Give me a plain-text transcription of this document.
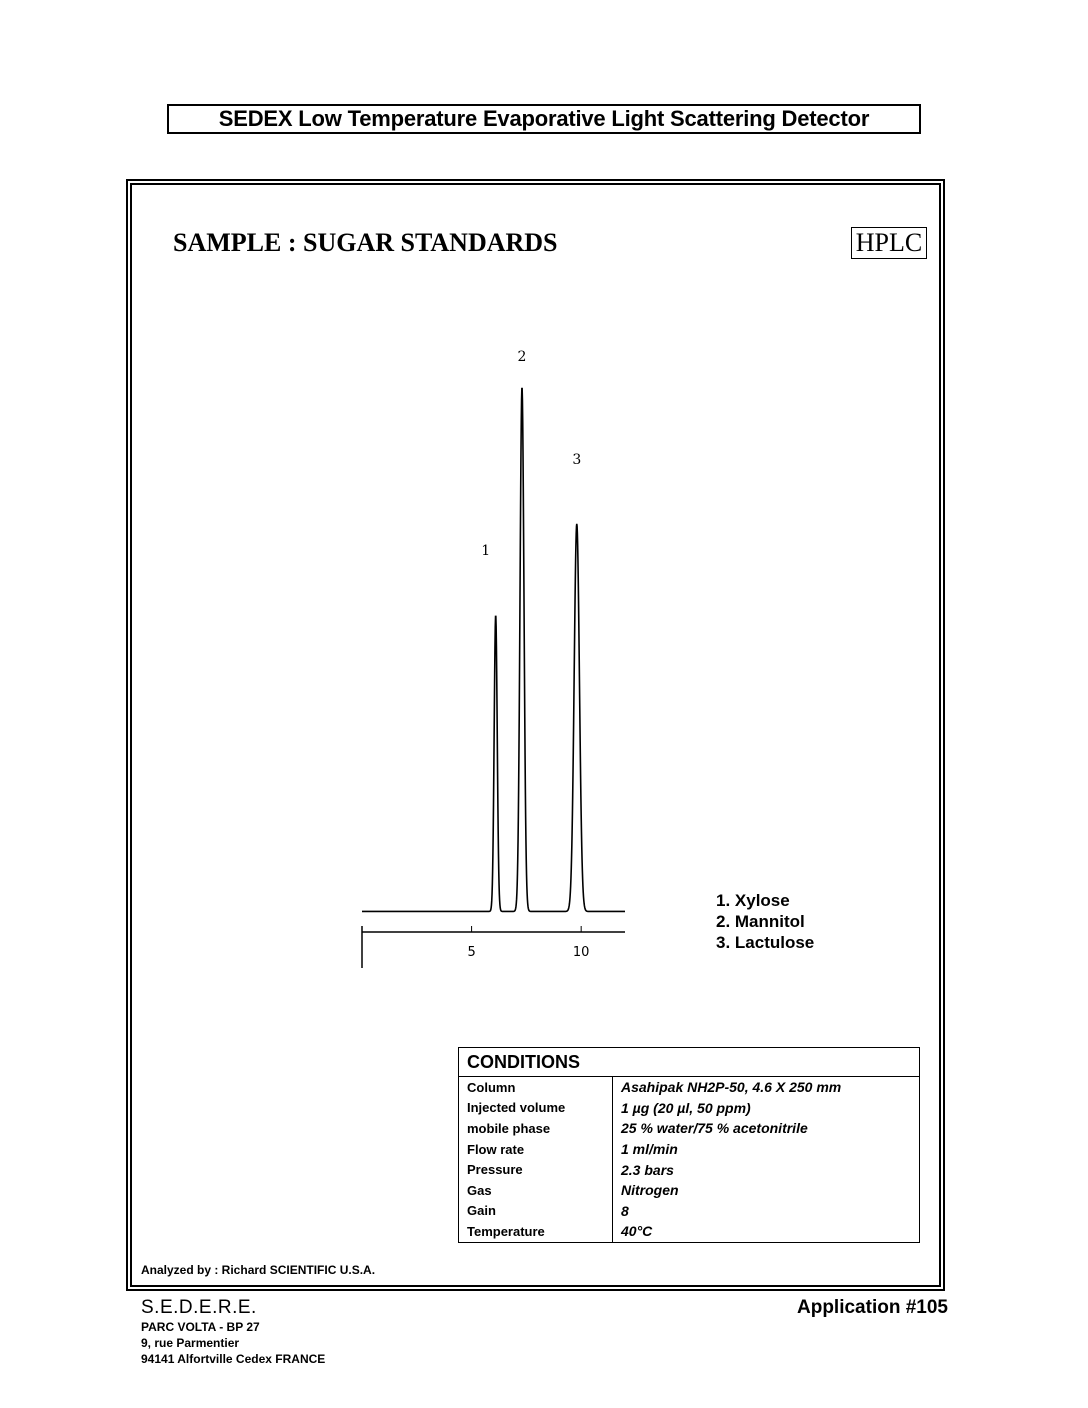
SEDEX Low Temperature Evaporative Light Scattering Detector
SAMPLE : SUGAR STANDARDS	HPLC
5	10
1
2
3
1. Xylose
2. Mannitol
3. Lactulose
CONDITIONS
Column	Asahipak NH2P-50, 4.6 X 250 mm
Injected volume	1 µg (20 µl, 50 ppm)
mobile phase	25 % water/75 % acetonitrile
Flow rate	1 ml/min
Pressure	2.3 bars
Gas	Nitrogen
Gain	8
Temperature	40°C
Analyzed by : Richard SCIENTIFIC U.S.A.
S.E.D.E.R.E.
PARC VOLTA - BP 27
9, rue Parmentier
94141 Alfortville Cedex FRANCE
Application #105
